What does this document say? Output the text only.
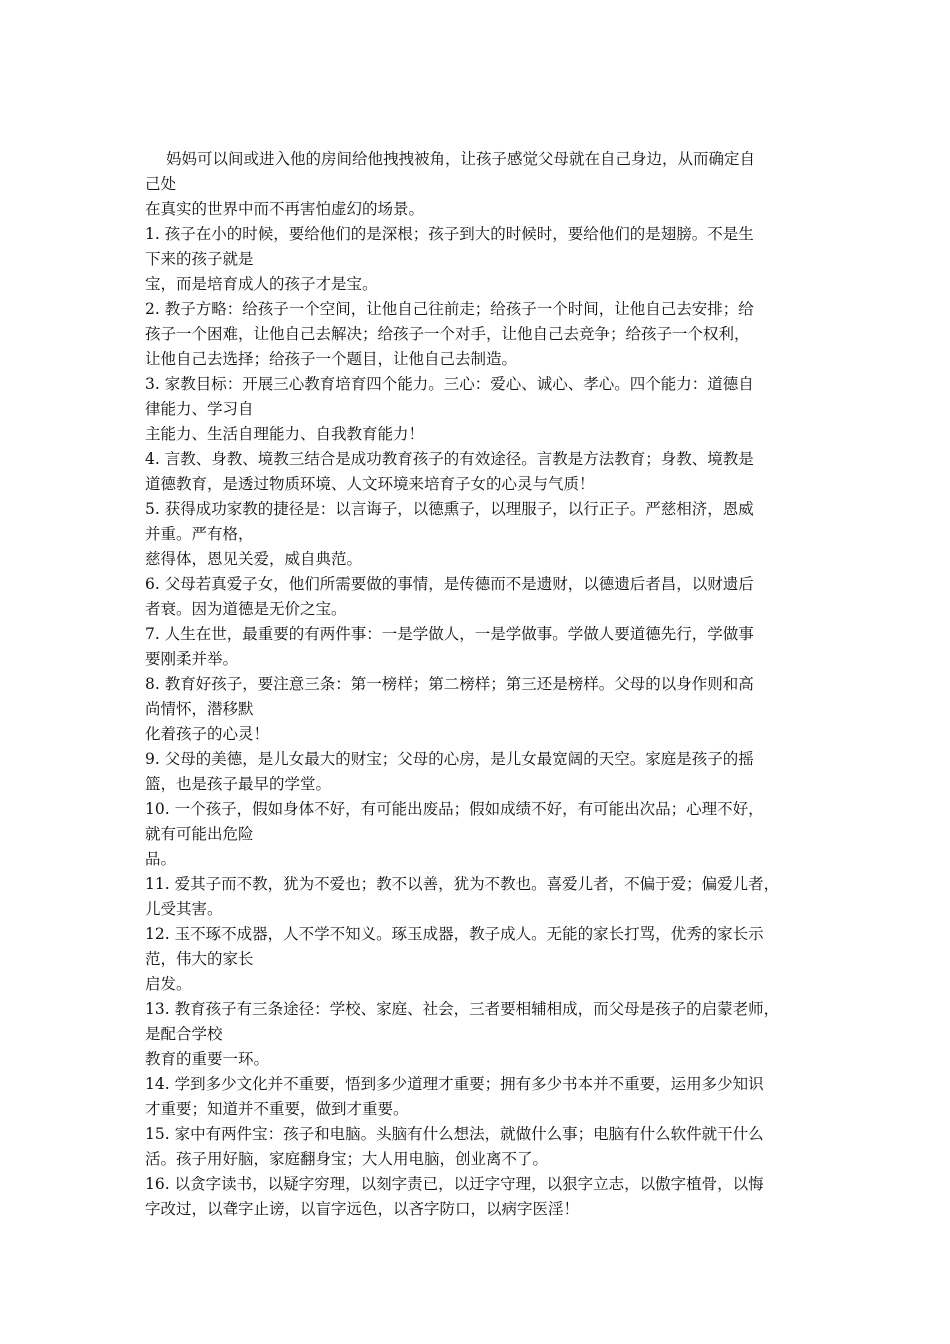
妈妈可以间或进入他的房间给他拽拽被角，让孩子感觉父母就在自己身边，从而确定自
己处
在真实的世界中而不再害怕虚幻的场景。
1. 孩子在小的时候，要给他们的是深根；孩子到大的时候时，要给他们的是翅膀。不是生
下来的孩子就是
宝，而是培育成人的孩子才是宝。
2. 教子方略：给孩子一个空间，让他自己往前走；给孩子一个时间，让他自己去安排；给
孩子一个困难，让他自己去解决；给孩子一个对手，让他自己去竞争；给孩子一个权利，
让他自己去选择；给孩子一个题目，让他自己去制造。
3. 家教目标：开展三心教育培育四个能力。三心：爱心、诚心、孝心。四个能力：道德自
律能力、学习自
主能力、生活自理能力、自我教育能力！
4. 言教、身教、境教三结合是成功教育孩子的有效途径。言教是方法教育；身教、境教是
道德教育，是透过物质环境、人文环境来培育子女的心灵与气质！
5. 获得成功家教的捷径是：以言诲子，以德熏子，以理服子，以行正子。严慈相济，恩威
并重。严有格，
慈得体，恩见关爱，威自典范。
6. 父母若真爱子女，他们所需要做的事情，是传德而不是遗财，以德遗后者昌，以财遗后
者衰。因为道德是无价之宝。
7. 人生在世，最重要的有两件事：一是学做人，一是学做事。学做人要道德先行，学做事
要刚柔并举。
8. 教育好孩子，要注意三条：第一榜样；第二榜样；第三还是榜样。父母的以身作则和高
尚情怀，潜移默
化着孩子的心灵！
9. 父母的美德，是儿女最大的财宝；父母的心房，是儿女最宽阔的天空。家庭是孩子的摇
篮，也是孩子最早的学堂。
10. 一个孩子，假如身体不好，有可能出废品；假如成绩不好，有可能出次品；心理不好，
就有可能出危险
品。
11. 爱其子而不教，犹为不爱也；教不以善，犹为不教也。喜爱儿者，不偏于爱；偏爱儿者，
儿受其害。
12. 玉不琢不成器，人不学不知义。琢玉成器，教子成人。无能的家长打骂，优秀的家长示
范，伟大的家长
启发。
13. 教育孩子有三条途径：学校、家庭、社会，三者要相辅相成，而父母是孩子的启蒙老师，
是配合学校
教育的重要一环。
14. 学到多少文化并不重要，悟到多少道理才重要；拥有多少书本并不重要，运用多少知识
才重要；知道并不重要，做到才重要。
15. 家中有两件宝：孩子和电脑。头脑有什么想法，就做什么事；电脑有什么软件就干什么
活。孩子用好脑，家庭翻身宝；大人用电脑，创业离不了。
16. 以贪字读书，以疑字穷理，以刻字责已，以迂字守理，以狠字立志，以傲字植骨，以悔
字改过，以聋字止谤，以盲字远色，以吝字防口，以病字医淫！
